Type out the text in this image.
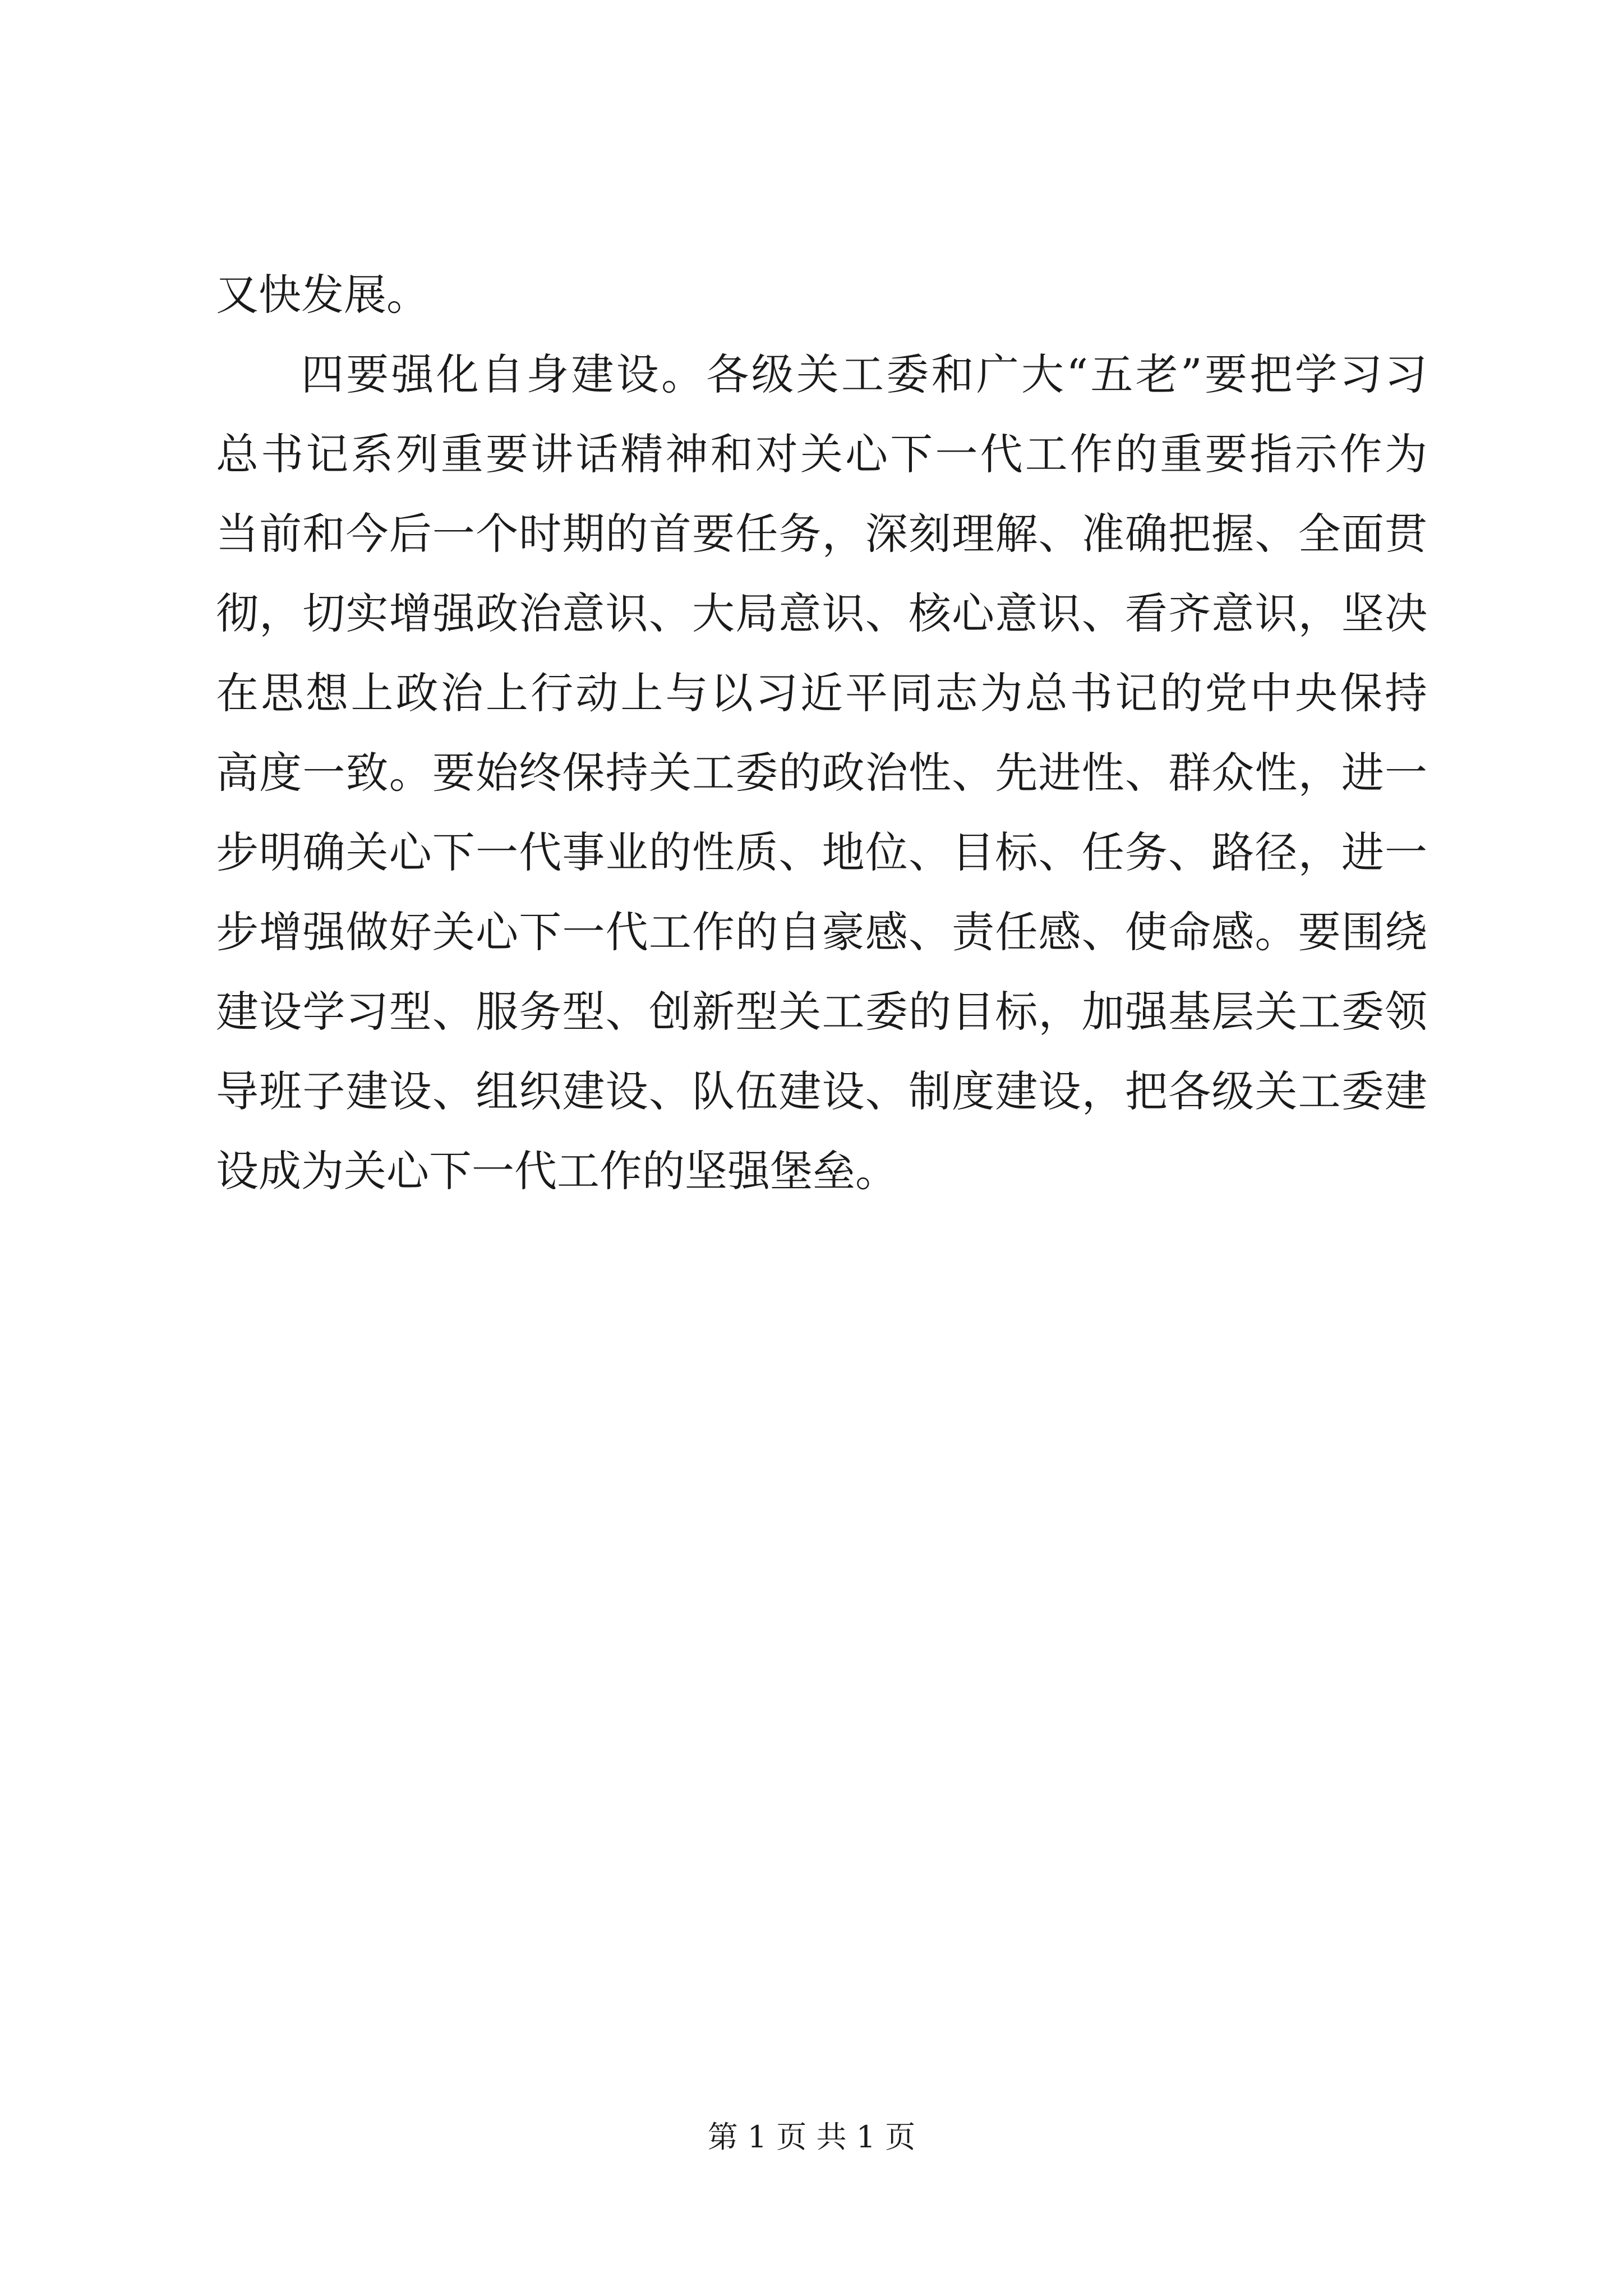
又快发展。
四要强化自身建设。各级关工委和广大“五老”要把学习习
总书记系列重要讲话精神和对关心下一代工作的重要指示作为
当前和今后一个时期的首要任务，深刻理解、准确把握、全面贯
彻，切实增强政治意识、大局意识、核心意识、看齐意识，坚决
在思想上政治上行动上与以习近平同志为总书记的党中央保持
高度一致。要始终保持关工委的政治性、先进性、群众性，进一
步明确关心下一代事业的性质、地位、目标、任务、路径，进一
步增强做好关心下一代工作的自豪感、责任感、使命感。要围绕
建设学习型、服务型、创新型关工委的目标，加强基层关工委领
导班子建设、组织建设、队伍建设、制度建设，把各级关工委建
设成为关心下一代工作的坚强堡垒。
第 1 页 共 1 页
